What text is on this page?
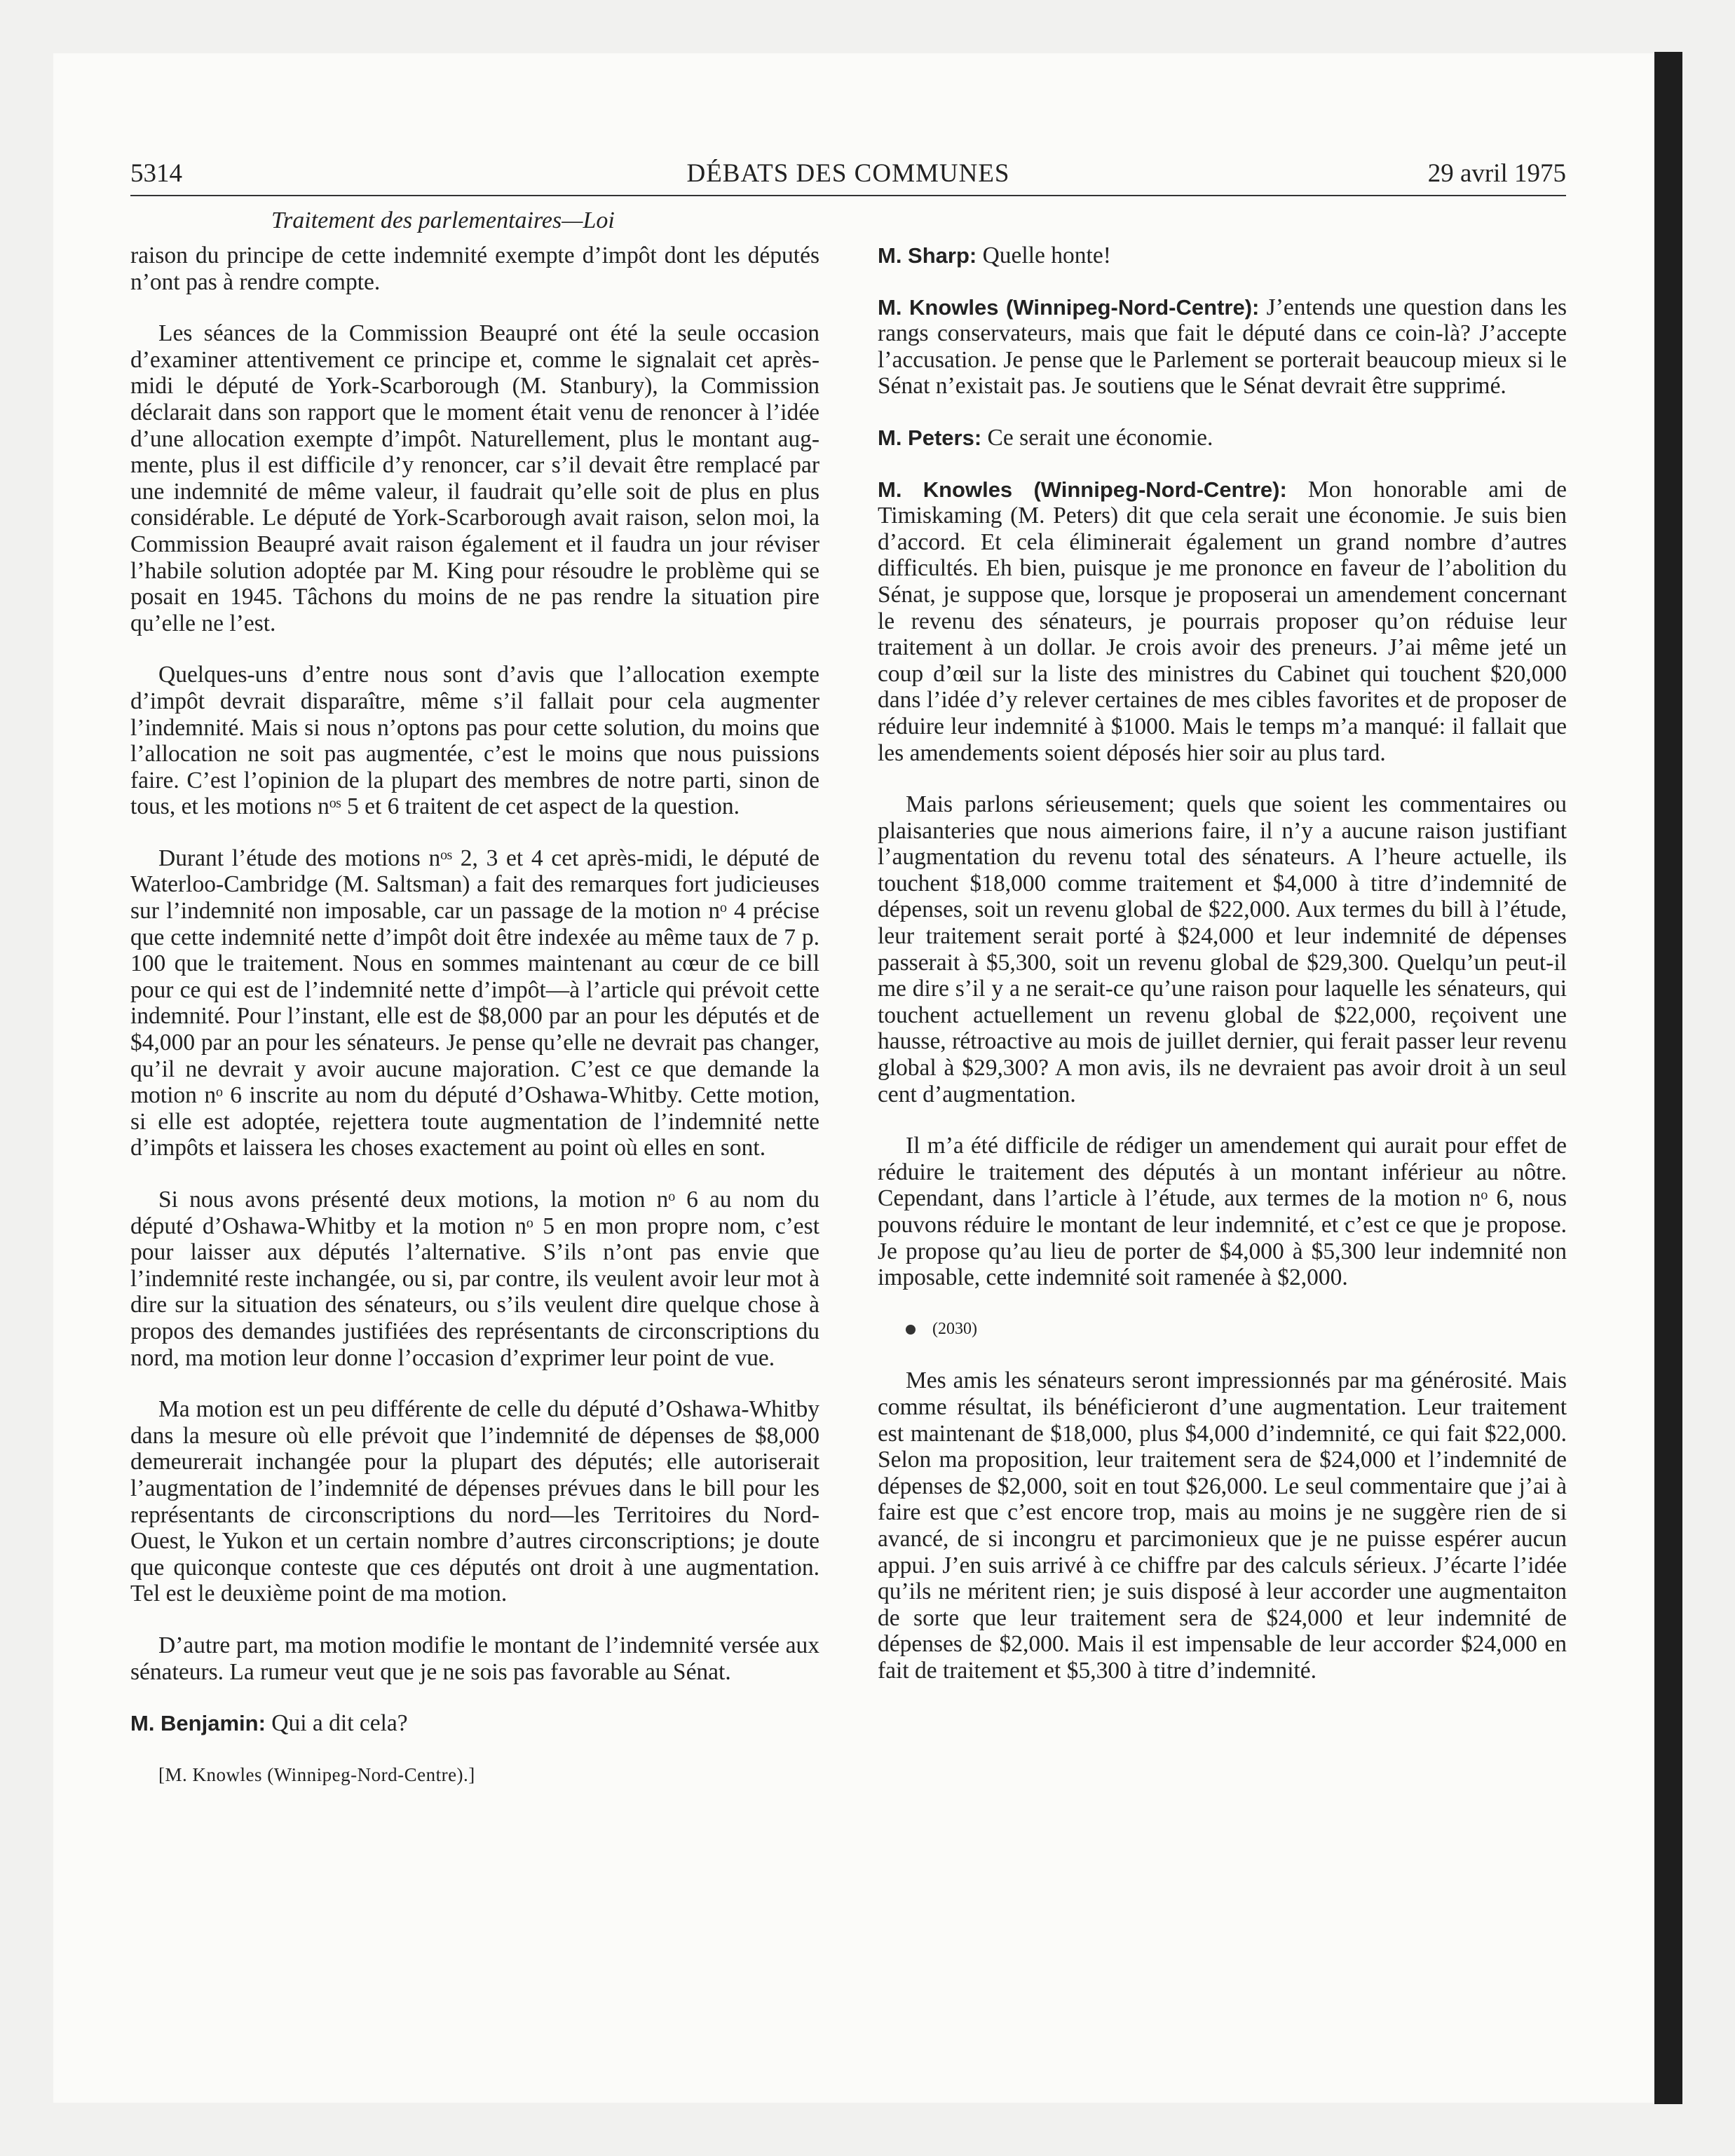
5314	DÉBATS DES COMMUNES	29 avril 1975
Traitement des parlementaires—Loi

raison du principe de cette indemnité exempte d’impôt dont les députés n’ont pas à rendre compte.

Les séances de la Commission Beaupré ont été la seule occasion d’examiner attentivement ce principe et, comme le signalait cet après-midi le député de York-Scarborough (M. Stanbury), la Commission déclarait dans son rapport que le moment était venu de renoncer à l’idée d’une allocation exempte d’impôt. Naturellement, plus le montant augmente, plus il est difficile d’y renoncer, car s’il devait être remplacé par une indemnité de même valeur, il faudrait qu’elle soit de plus en plus considérable. Le député de York-Scarborough avait raison, selon moi, la Commission Beaupré avait raison également et il faudra un jour réviser l’habile solution adoptée par M. King pour résoudre le problème qui se posait en 1945. Tâchons du moins de ne pas rendre la situation pire qu’elle ne l’est.

Quelques-uns d’entre nous sont d’avis que l’allocation exempte d’impôt devrait disparaître, même s’il fallait pour cela augmenter l’indemnité. Mais si nous n’optons pas pour cette solution, du moins que l’allocation ne soit pas augmentée, c’est le moins que nous puissions faire. C’est l’opinion de la plupart des membres de notre parti, sinon de tous, et les motions nᵒˢ 5 et 6 traitent de cet aspect de la question.

Durant l’étude des motions nᵒˢ 2, 3 et 4 cet après-midi, le député de Waterloo-Cambridge (M. Saltsman) a fait des remarques fort judicieuses sur l’indemnité non imposable, car un passage de la motion nᵒ 4 précise que cette indemnité nette d’impôt doit être indexée au même taux de 7 p. 100 que le traitement. Nous en sommes maintenant au cœur de ce bill pour ce qui est de l’indemnité nette d’impôt—à l’article qui prévoit cette indemnité. Pour l’instant, elle est de $8,000 par an pour les députés et de $4,000 par an pour les sénateurs. Je pense qu’elle ne devrait pas changer, qu’il ne devrait y avoir aucune majoration. C’est ce que demande la motion nᵒ 6 inscrite au nom du député d’Oshawa-Whitby. Cette motion, si elle est adoptée, rejettera toute augmentation de l’indemnité nette d’impôts et laissera les choses exactement au point où elles en sont.

Si nous avons présenté deux motions, la motion nᵒ 6 au nom du député d’Oshawa-Whitby et la motion nᵒ 5 en mon propre nom, c’est pour laisser aux députés l’alternative. S’ils n’ont pas envie que l’indemnité reste inchangée, ou si, par contre, ils veulent avoir leur mot à dire sur la situation des sénateurs, ou s’ils veulent dire quelque chose à propos des demandes justifiées des représentants de circonscriptions du nord, ma motion leur donne l’occasion d’exprimer leur point de vue.

Ma motion est un peu différente de celle du député d’Oshawa-Whitby dans la mesure où elle prévoit que l’indemnité de dépenses de $8,000 demeurerait inchangée pour la plupart des députés; elle autoriserait l’augmentation de l’indemnité de dépenses prévues dans le bill pour les représentants de circonscriptions du nord—les Territoires du Nord-Ouest, le Yukon et un certain nombre d’autres circonscriptions; je doute que quiconque conteste que ces députés ont droit à une augmentation. Tel est le deuxième point de ma motion.

D’autre part, ma motion modifie le montant de l’indemnité versée aux sénateurs. La rumeur veut que je ne sois pas favorable au Sénat.

M. Benjamin: Qui a dit cela?

[M. Knowles (Winnipeg-Nord-Centre).]

M. Sharp: Quelle honte!

M. Knowles (Winnipeg-Nord-Centre): J’entends une question dans les rangs conservateurs, mais que fait le député dans ce coin-là? J’accepte l’accusation. Je pense que le Parlement se porterait beaucoup mieux si le Sénat n’existait pas. Je soutiens que le Sénat devrait être supprimé.

M. Peters: Ce serait une économie.

M. Knowles (Winnipeg-Nord-Centre): Mon honorable ami de Timiskaming (M. Peters) dit que cela serait une économie. Je suis bien d’accord. Et cela éliminerait également un grand nombre d’autres difficultés. Eh bien, puisque je me prononce en faveur de l’abolition du Sénat, je suppose que, lorsque je proposerai un amendement concernant le revenu des sénateurs, je pourrais proposer qu’on réduise leur traitement à un dollar. Je crois avoir des preneurs. J’ai même jeté un coup d’œil sur la liste des ministres du Cabinet qui touchent $20,000 dans l’idée d’y relever certaines de mes cibles favorites et de proposer de réduire leur indemnité à $1000. Mais le temps m’a manqué: il fallait que les amendements soient déposés hier soir au plus tard.

Mais parlons sérieusement; quels que soient les commentaires ou plaisanteries que nous aimerions faire, il n’y a aucune raison justifiant l’augmentation du revenu total des sénateurs. A l’heure actuelle, ils touchent $18,000 comme traitement et $4,000 à titre d’indemnité de dépenses, soit un revenu global de $22,000. Aux termes du bill à l’étude, leur traitement serait porté à $24,000 et leur indemnité de dépenses passerait à $5,300, soit un revenu global de $29,300. Quelqu’un peut-il me dire s’il y a ne serait-ce qu’une raison pour laquelle les sénateurs, qui touchent actuellement un revenu global de $22,000, reçoivent une hausse, rétroactive au mois de juillet dernier, qui ferait passer leur revenu global à $29,300? A mon avis, ils ne devraient pas avoir droit à un seul cent d’augmentation.

Il m’a été difficile de rédiger un amendement qui aurait pour effet de réduire le traitement des députés à un montant inférieur au nôtre. Cependant, dans l’article à l’étude, aux termes de la motion nᵒ 6, nous pouvons réduire le montant de leur indemnité, et c’est ce que je propose. Je propose qu’au lieu de porter de $4,000 à $5,300 leur indemnité non imposable, cette indemnité soit ramenée à $2,000.

(2030)

Mes amis les sénateurs seront impressionnés par ma générosité. Mais comme résultat, ils bénéficieront d’une augmentation. Leur traitement est maintenant de $18,000, plus $4,000 d’indemnité, ce qui fait $22,000. Selon ma proposition, leur traitement sera de $24,000 et l’indemnité de dépenses de $2,000, soit en tout $26,000. Le seul commentaire que j’ai à faire est que c’est encore trop, mais au moins je ne suggère rien de si avancé, de si incongru et parcimonieux que je ne puisse espérer aucun appui. J’en suis arrivé à ce chiffre par des calculs sérieux. J’écarte l’idée qu’ils ne méritent rien; je suis disposé à leur accorder une augmentaiton de sorte que leur traitement sera de $24,000 et leur indemnité de dépenses de $2,000. Mais il est impensable de leur accorder $24,000 en fait de traitement et $5,300 à titre d’indemnité.
